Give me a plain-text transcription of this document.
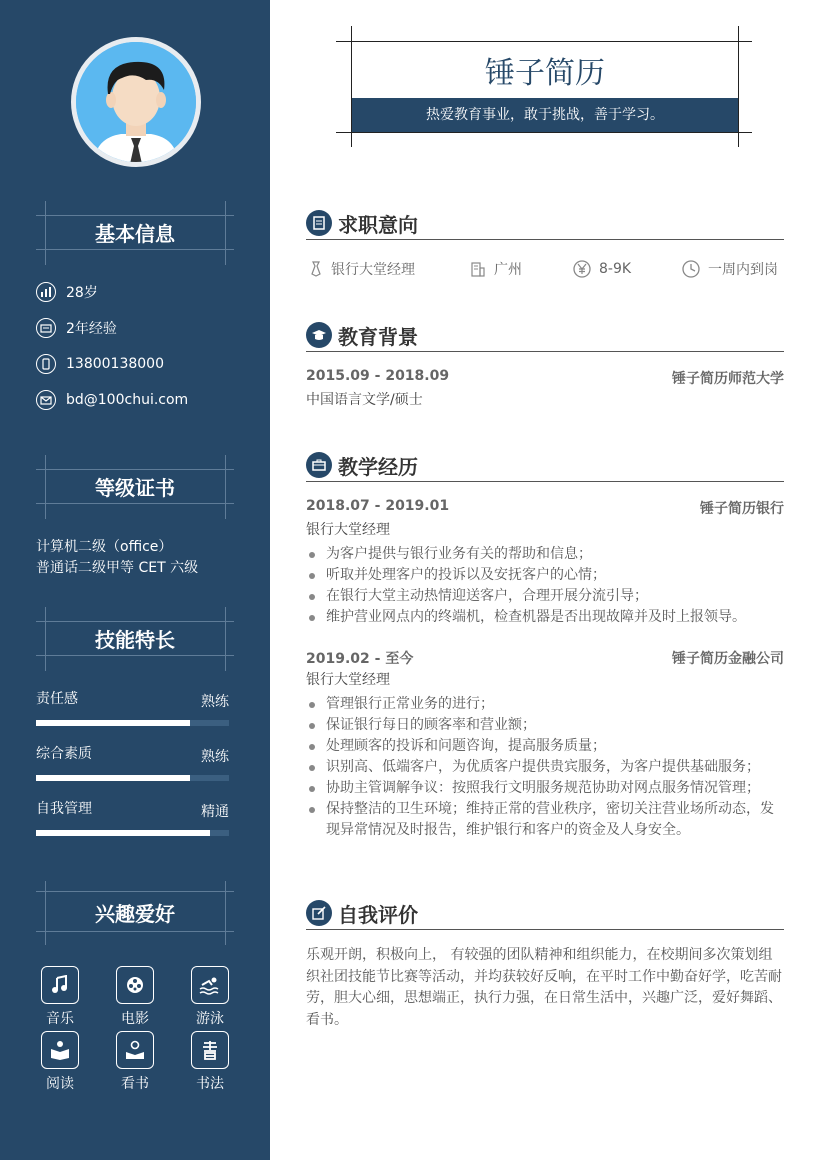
基本信息
28岁
2年经验
13800138000
bd@100chui.com
等级证书
计算机二级（office）
普通话二级甲等 CET 六级
技能特长
责任感	熟练
综合素质	熟练
自我管理	精通
兴趣爱好
音乐	电影	游泳
阅读	看书	书法
锤子简历
热爱教育事业，敢于挑战，善于学习。
求职意向
银行大堂经理	广州	8-9K	一周内到岗
教育背景
2015.09 - 2018.09	锤子简历师范大学
中国语言文学/硕士
教学经历
2018.07 - 2019.01	锤子简历银行
银行大堂经理
为客户提供与银行业务有关的帮助和信息；
听取并处理客户的投诉以及安抚客户的心情；
在银行大堂主动热情迎送客户，合理开展分流引导；
维护营业网点内的终端机，检查机器是否出现故障并及时上报领导。
2019.02 - 至今	锤子简历金融公司
银行大堂经理
管理银行正常业务的进行；
保证银行每日的顾客率和营业额；
处理顾客的投诉和问题咨询，提高服务质量；
识别高、低端客户，为优质客户提供贵宾服务，为客户提供基础服务；
协助主管调解争议：按照我行文明服务规范协助对网点服务情况管理；
保持整洁的卫生环境；维持正常的营业秩序，密切关注营业场所动态，发现异常情况及时报告，维护银行和客户的资金及人身安全。
自我评价
乐观开朗，积极向上， 有较强的团队精神和组织能力，在校期间多次策划组织社团技能节比赛等活动，并均获较好反响，在平时工作中勤奋好学，吃苦耐劳，胆大心细，思想端正，执行力强，在日常生活中，兴趣广泛，爱好舞蹈、看书。
